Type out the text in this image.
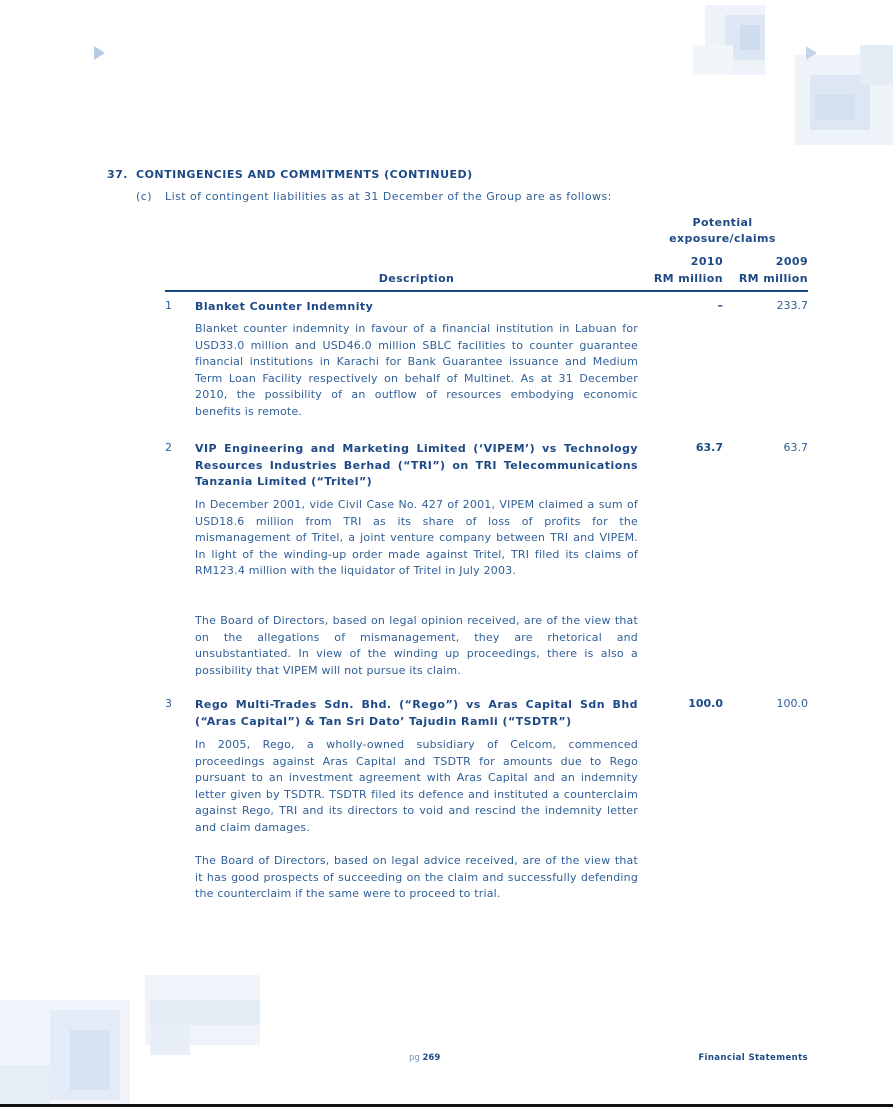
37. CONTINGENCIES AND COMMITMENTS (CONTINUED)
(c) List of contingent liabilities as at 31 December of the Group are as follows:
Potential
exposure/claims
2010	2009
RM million	RM million
Description
1 Blanket Counter Indemnity	–	233.7
Blanket counter indemnity in favour of a financial institution in Labuan for USD33.0 million and USD46.0 million SBLC facilities to counter guarantee financial institutions in Karachi for Bank Guarantee issuance and Medium Term Loan Facility respectively on behalf of Multinet. As at 31 December 2010, the possibility of an outflow of resources embodying economic benefits is remote.
2 VIP Engineering and Marketing Limited (‘VIPEM’) vs Technology Resources Industries Berhad (“TRI”) on TRI Telecommunications Tanzania Limited (“Tritel”)
63.7	63.7
In December 2001, vide Civil Case No. 427 of 2001, VIPEM claimed a sum of USD18.6 million from TRI as its share of loss of profits for the mismanagement of Tritel, a joint venture company between TRI and VIPEM. In light of the winding-up order made against Tritel, TRI filed its claims of RM123.4 million with the liquidator of Tritel in July 2003.
The Board of Directors, based on legal opinion received, are of the view that on the allegations of mismanagement, they are rhetorical and unsubstantiated. In view of the winding up proceedings, there is also a possibility that VIPEM will not pursue its claim.
3 Rego Multi-Trades Sdn. Bhd. (“Rego”) vs Aras Capital Sdn Bhd (“Aras Capital”) & Tan Sri Dato’ Tajudin Ramli (“TSDTR”)
100.0	100.0
In 2005, Rego, a wholly-owned subsidiary of Celcom, commenced proceedings against Aras Capital and TSDTR for amounts due to Rego pursuant to an investment agreement with Aras Capital and an indemnity letter given by TSDTR. TSDTR filed its defence and instituted a counterclaim against Rego, TRI and its directors to void and rescind the indemnity letter and claim damages.
The Board of Directors, based on legal advice received, are of the view that it has good prospects of succeeding on the claim and successfully defending the counterclaim if the same were to proceed to trial.
pg 269	Financial Statements
